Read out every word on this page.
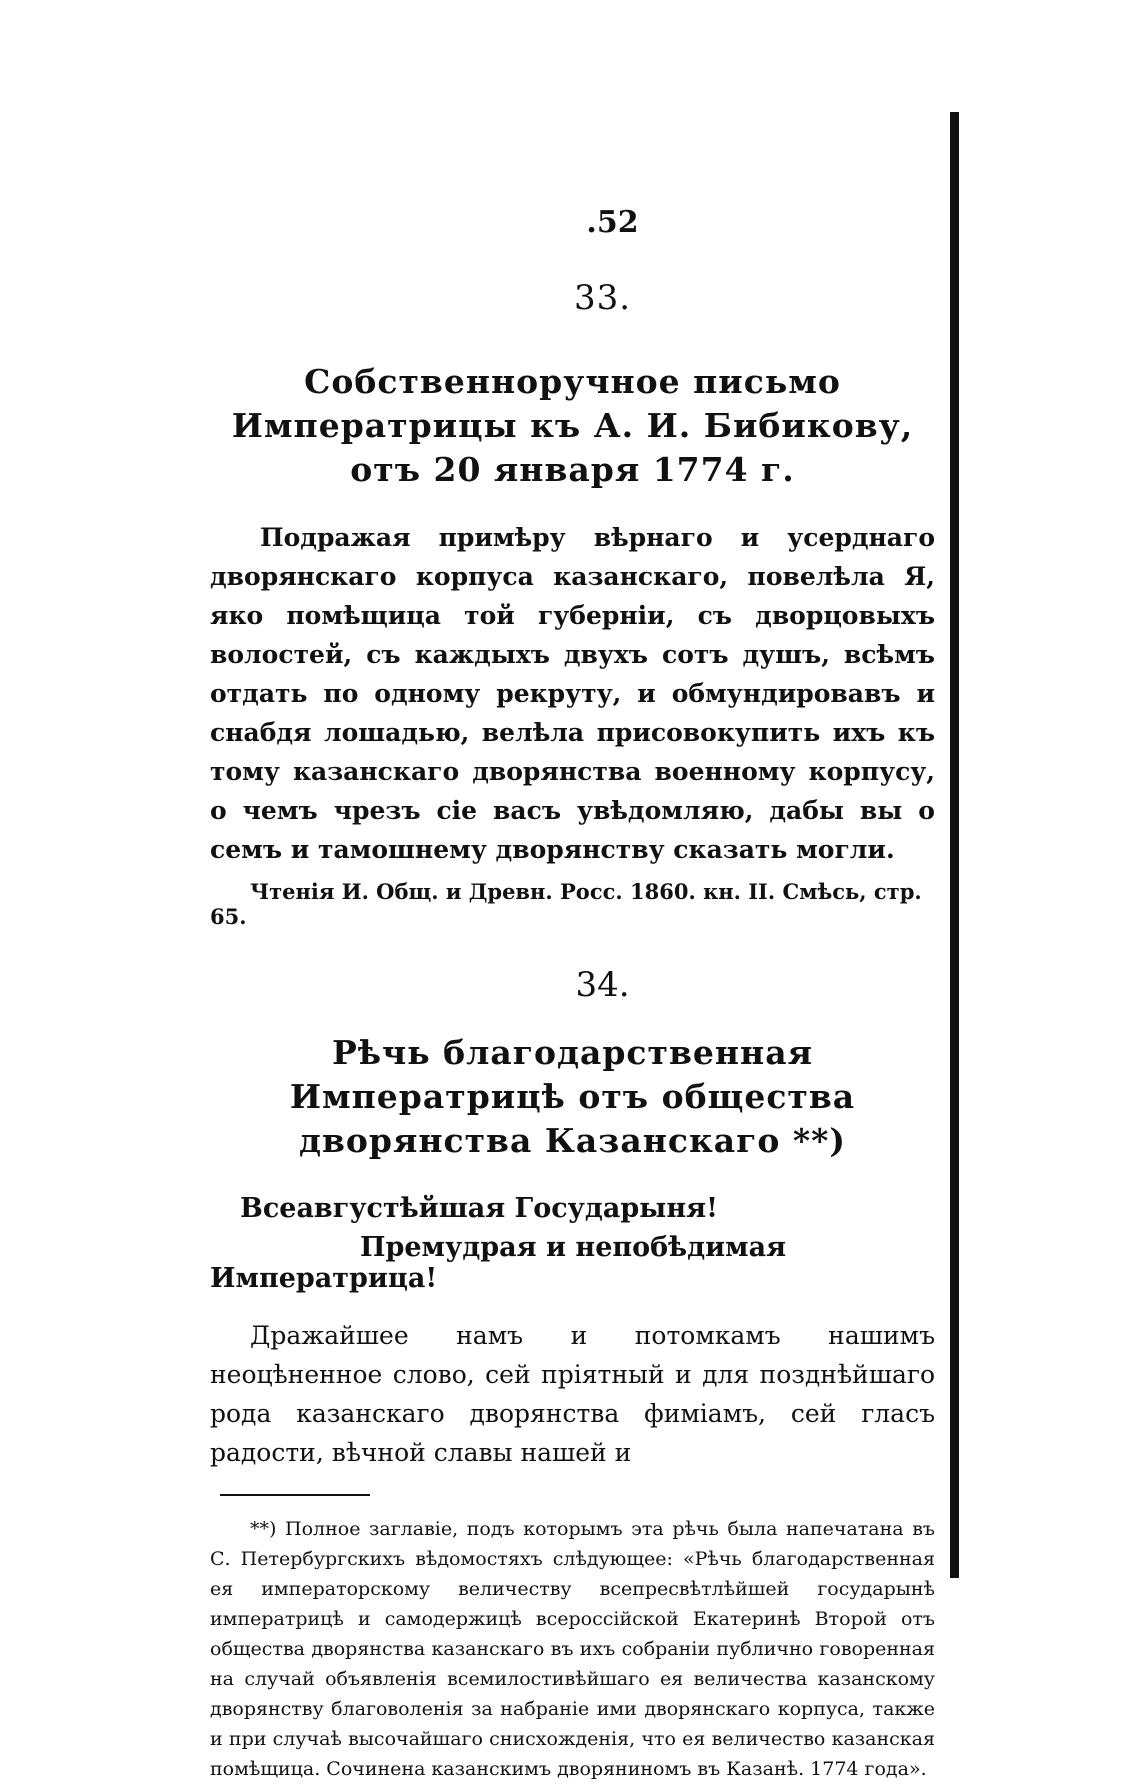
.52
33.
Собственноручное письмо Императрицы къ А. И. Бибикову, отъ 20 января 1774 г.
Подражая примѣру вѣрнаго и усерднаго дворянскаго корпуса казанскаго, повелѣла Я, яко помѣщица той губерніи, съ дворцовыхъ волостей, съ каждыхъ двухъ сотъ душъ, всѣмъ отдать по одному рекруту, и обмундировавъ и снабдя лошадью, велѣла присовокупить ихъ къ тому казанскаго дворянства военному корпусу, о чемъ чрезъ сіе васъ увѣдомляю, дабы вы о семъ и тамошнему дворянству сказать могли.
Чтенія И. Общ. и Древн. Росс. 1860. кн. II. Смѣсь, стр. 65.
34.
Рѣчь благодарственная Императрицѣ отъ общества дворянства Казанскаго **)
Всеавгустѣйшая Государыня!
Премудрая и непобѣдимая Императрица!
Дражайшее намъ и потомкамъ нашимъ неоцѣненное слово, сей пріятный и для позднѣйшаго рода казанскаго дворянства фиміамъ, сей гласъ радости, вѣчной славы нашей и
**) Полное заглавіе, подъ которымъ эта рѣчь была напечатана въ С. Петербургскихъ вѣдомостяхъ слѣдующее: «Рѣчь благодарственная ея императорскому величеству всепресвѣтлѣйшей государынѣ императрицѣ и самодержицѣ всероссійской Екатеринѣ Второй отъ общества дворянства казанскаго въ ихъ собраніи публично говоренная на случай объявленія всемилостивѣйшаго ея величества казанскому дворянству благоволенія за набраніе ими дворянскаго корпуса, также и при случаѣ высочайшаго снисхожденія, что ея величество казанская помѣщица. Сочинена казанскимъ дворяниномъ въ Казанѣ. 1774 года».
